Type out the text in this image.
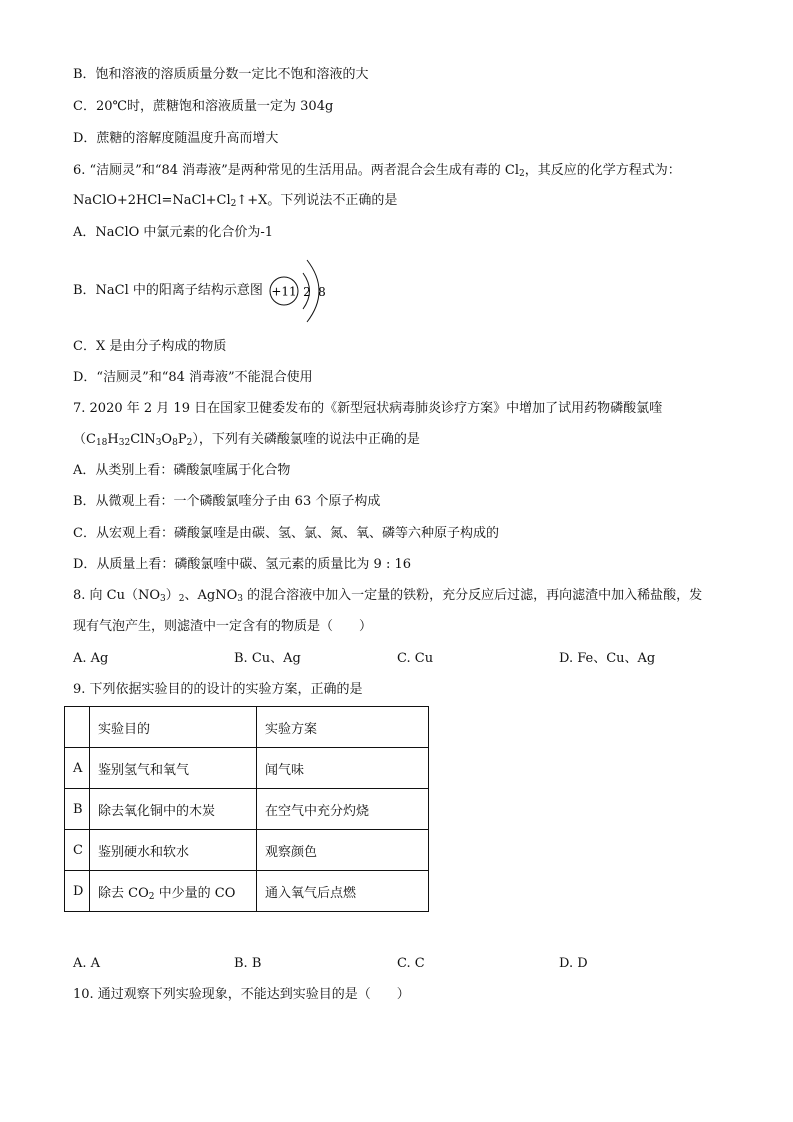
B．饱和溶液的溶质质量分数一定比不饱和溶液的大
C．20℃时，蔗糖饱和溶液质量一定为 304g
D．蔗糖的溶解度随温度升高而增大
6. “洁厕灵”和“84 消毒液”是两种常见的生活用品。两者混合会生成有毒的 $Cl_2$，其反应的化学方程式为：
$NaClO+2HCl=NaCl+Cl_2↑+X$。下列说法不正确的是
A．NaClO 中氯元素的化合价为-1
B．NaCl 中的阳离子结构示意图 +11 2 8
C．X 是由分子构成的物质
D．“洁厕灵”和“84 消毒液”不能混合使用
7. 2020 年 2 月 19 日在国家卫健委发布的《新型冠状病毒肺炎诊疗方案》中增加了试用药物磷酸氯喹
$(C_{18}H_{32}ClN_3O_8P_2)$，下列有关磷酸氯喹的说法中正确的是
A．从类别上看：磷酸氯喹属于化合物
B．从微观上看：一个磷酸氯喹分子由 63 个原子构成
C．从宏观上看：磷酸氯喹是由碳、氢、氯、氮、氧、磷等六种原子构成的
D．从质量上看：磷酸氯喹中碳、氢元素的质量比为 9 : 16
8. 向 $Cu(NO_3)_2$、AgNO$_3$ 的混合溶液中加入一定量的铁粉，充分反应后过滤，再向滤渣中加入稀盐酸，发
现有气泡产生，则滤渣中一定含有的物质是（　　）
A. Ag	B. Cu、Ag	C. Cu	D. Fe、Cu、Ag
9. 下列依据实验目的的设计的实验方案，正确的是
	实验目的	实验方案
A	鉴别氢气和氧气	闻气味
B	除去氧化铜中的木炭	在空气中充分灼烧
C	鉴别硬水和软水	观察颜色
D	除去 $CO_2$ 中少量的 CO	通入氧气后点燃
A. A	B. B	C. C	D. D
10. 通过观察下列实验现象，不能达到实验目的是（　　）
